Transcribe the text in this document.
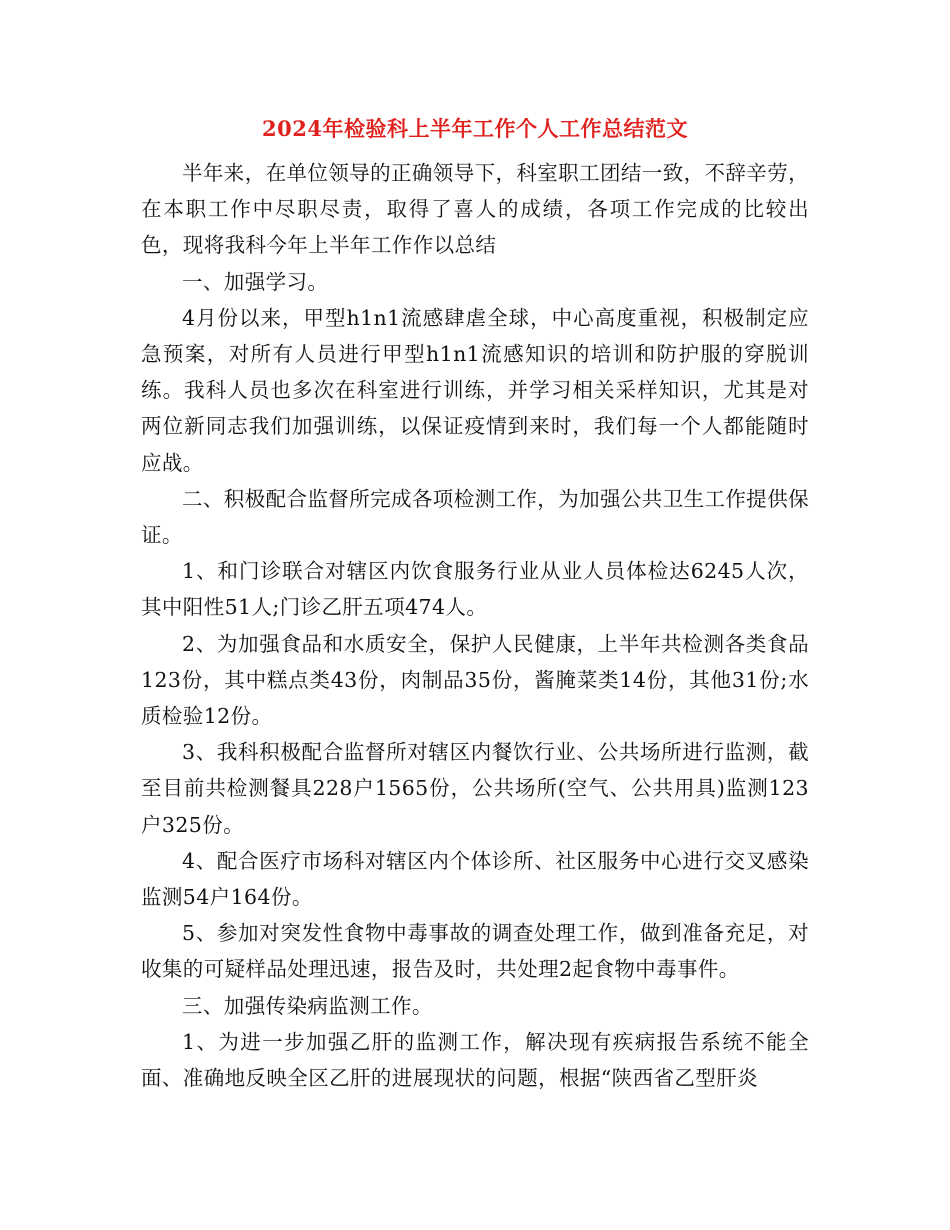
2024年检验科上半年工作个人工作总结范文

半年来，在单位领导的正确领导下，科室职工团结一致，不辞辛劳，在本职工作中尽职尽责，取得了喜人的成绩，各项工作完成的比较出色，现将我科今年上半年工作作以总结

一、加强学习。

4月份以来，甲型h1n1流感肆虐全球，中心高度重视，积极制定应急预案，对所有人员进行甲型h1n1流感知识的培训和防护服的穿脱训练。我科人员也多次在科室进行训练，并学习相关采样知识，尤其是对两位新同志我们加强训练，以保证疫情到来时，我们每一个人都能随时应战。

二、积极配合监督所完成各项检测工作，为加强公共卫生工作提供保证。

1、和门诊联合对辖区内饮食服务行业从业人员体检达6245人次，其中阳性51人;门诊乙肝五项474人。

2、为加强食品和水质安全，保护人民健康，上半年共检测各类食品123份，其中糕点类43份，肉制品35份，酱腌菜类14份，其他31份;水质检验12份。

3、我科积极配合监督所对辖区内餐饮行业、公共场所进行监测，截至目前共检测餐具228户1565份，公共场所(空气、公共用具)监测123户325份。

4、配合医疗市场科对辖区内个体诊所、社区服务中心进行交叉感染监测54户164份。

5、参加对突发性食物中毒事故的调查处理工作，做到准备充足，对收集的可疑样品处理迅速，报告及时，共处理2起食物中毒事件。

三、加强传染病监测工作。

1、为进一步加强乙肝的监测工作，解决现有疾病报告系统不能全面、准确地反映全区乙肝的进展现状的问题，根据“陕西省乙型肝炎
